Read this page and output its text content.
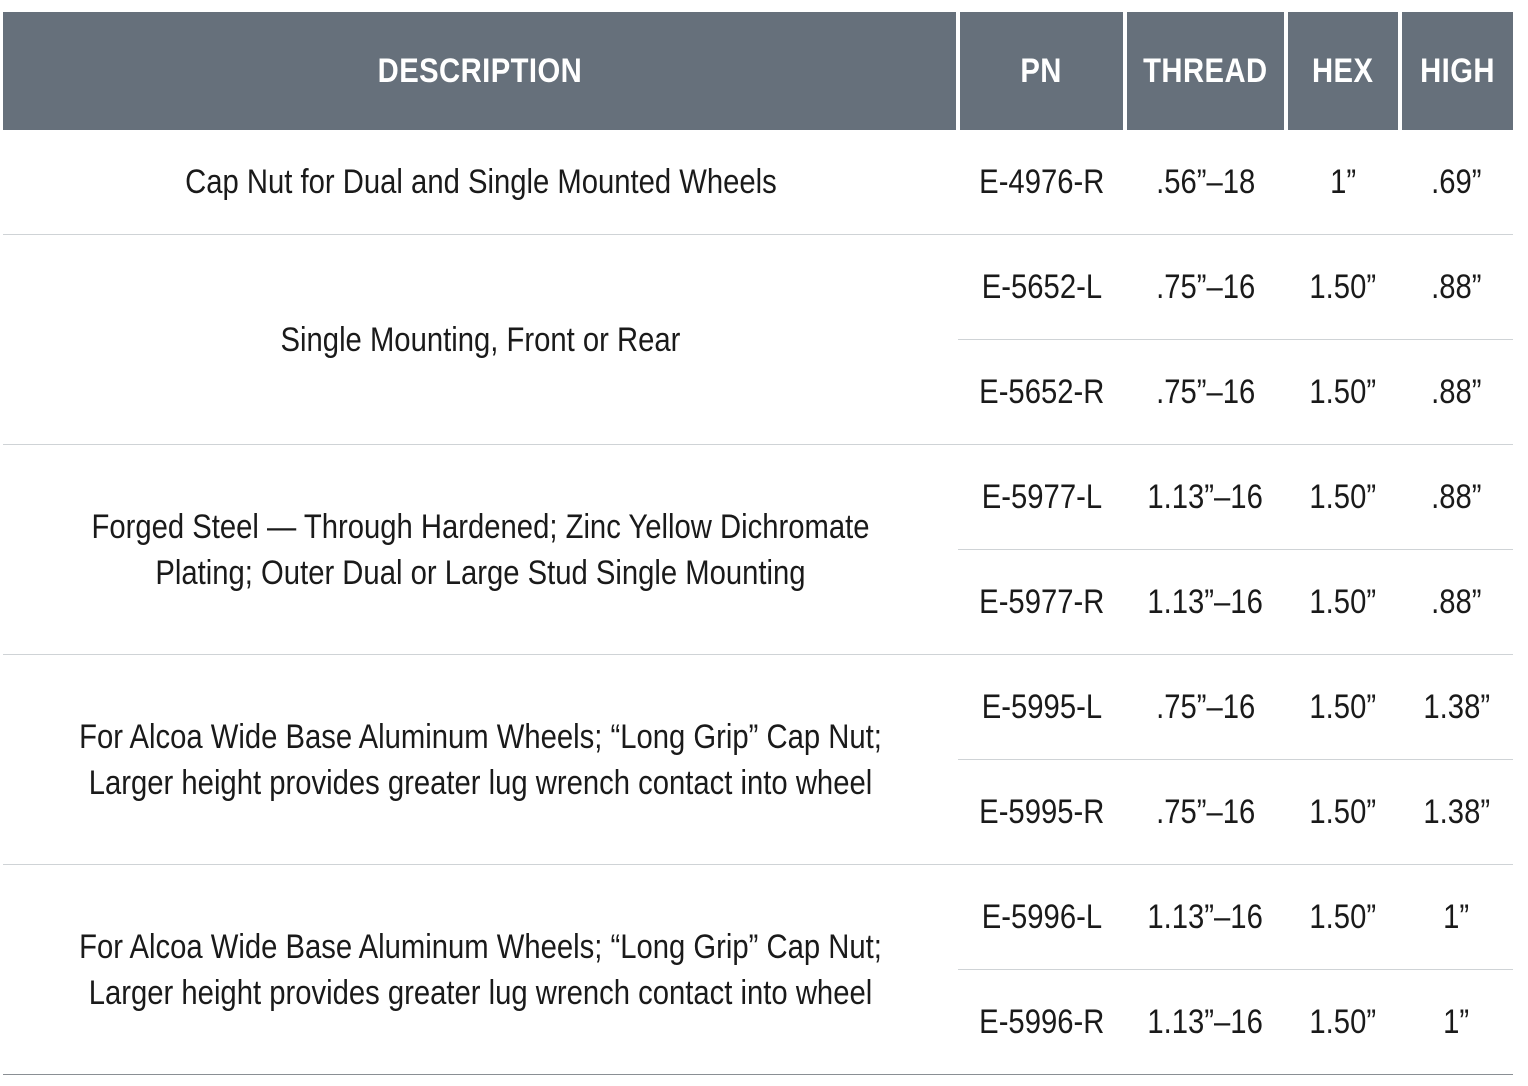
DESCRIPTION	PN	THREAD	HEX	HIGH
Cap Nut for Dual and Single Mounted Wheels	E-4976-R	.56”–18	1”	.69”
Single Mounting, Front or Rear	E-5652-L	.75”–16	1.50”	.88”
	E-5652-R	.75”–16	1.50”	.88”
Forged Steel — Through Hardened; Zinc Yellow Dichromate Plating; Outer Dual or Large Stud Single Mounting	E-5977-L	1.13”–16	1.50”	.88”
	E-5977-R	1.13”–16	1.50”	.88”
For Alcoa Wide Base Aluminum Wheels; “Long Grip” Cap Nut; Larger height provides greater lug wrench contact into wheel	E-5995-L	.75”–16	1.50”	1.38”
	E-5995-R	.75”–16	1.50”	1.38”
For Alcoa Wide Base Aluminum Wheels; “Long Grip” Cap Nut; Larger height provides greater lug wrench contact into wheel	E-5996-L	1.13”–16	1.50”	1”
	E-5996-R	1.13”–16	1.50”	1”
